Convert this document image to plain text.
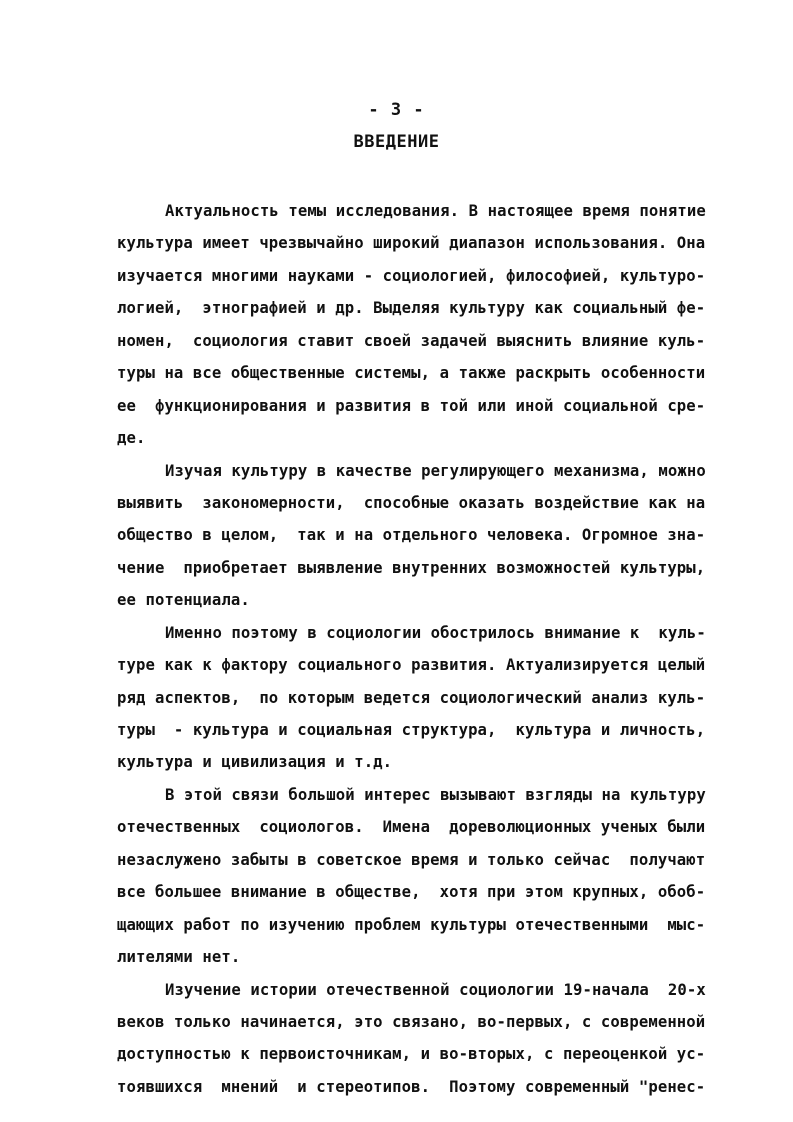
- 3 -
ВВЕДЕНИЕ
Актуальность темы исследования. В настоящее время понятие
культура имеет чрезвычайно широкий диапазон использования. Она
изучается многими науками - социологией, философией, культуро-
логией,  этнографией и др. Выделяя культуру как социальный фе-
номен,  социология ставит своей задачей выяснить влияние куль-
туры на все общественные системы, а также раскрыть особенности
ее  функционирования и развития в той или иной социальной сре-
де.
Изучая культуру в качестве регулирующего механизма, можно
выявить  закономерности,  способные оказать воздействие как на
общество в целом,  так и на отдельного человека. Огромное зна-
чение  приобретает выявление внутренних возможностей культуры,
ее потенциала.
Именно поэтому в социологии обострилось внимание к  куль-
туре как к фактору социального развития. Актуализируется целый
ряд аспектов,  по которым ведется социологический анализ куль-
туры  - культура и социальная структура,  культура и личность,
культура и цивилизация и т.д.
В этой связи большой интерес вызывают взгляды на культуру
отечественных  социологов.  Имена  дореволюционных ученых были
незаслужено забыты в советское время и только сейчас  получают
все большее внимание в обществе,  хотя при этом крупных, обоб-
щающих работ по изучению проблем культуры отечественными  мыс-
лителями нет.
Изучение истории отечественной социологии 19-начала  20-х
веков только начинается, это связано, во-первых, с современной
доступностью к первоисточникам, и во-вторых, с переоценкой ус-
тоявшихся  мнений  и стереотипов.  Поэтому современный "ренес-
